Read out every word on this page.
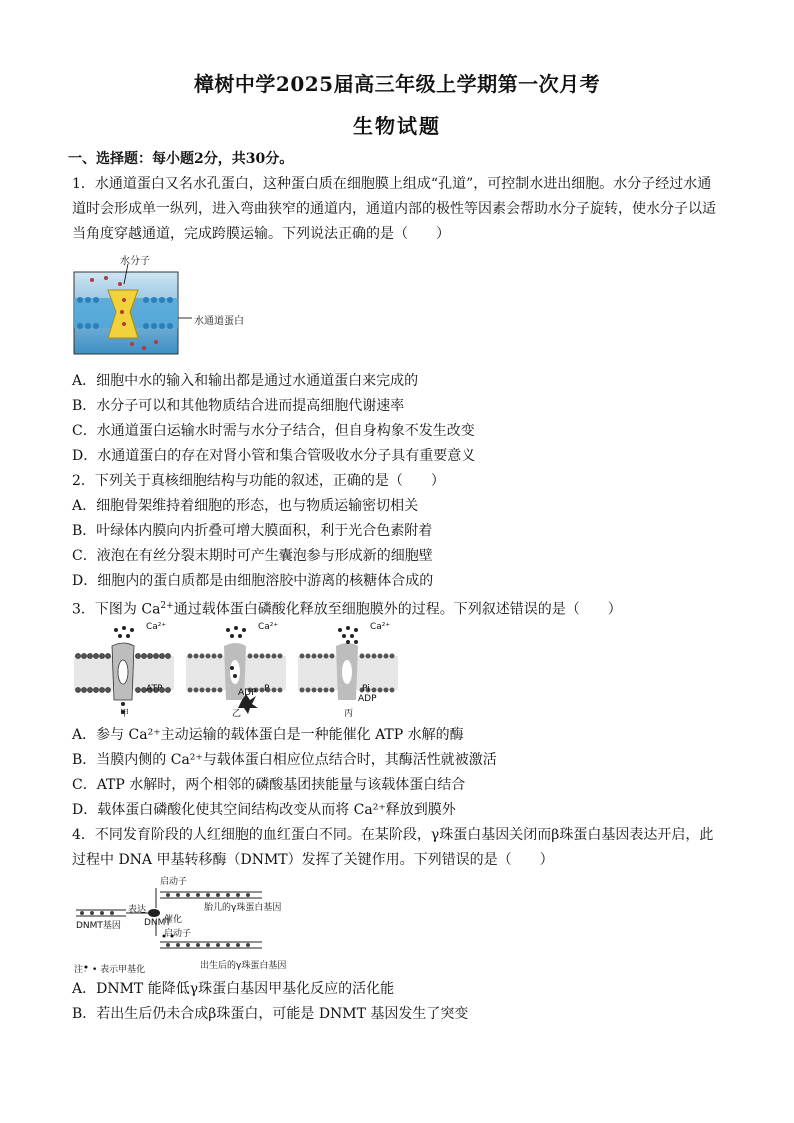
樟树中学2025届高三年级上学期第一次月考
生物试题
一、选择题：每小题2分，共30分。
1．水通道蛋白又名水孔蛋白，这种蛋白质在细胞膜上组成“孔道”，可控制水进出细胞。水分子经过水通
道时会形成单一纵列，进入弯曲狭窄的通道内，通道内部的极性等因素会帮助水分子旋转，使水分子以适
当角度穿越通道，完成跨膜运输。下列说法正确的是（　　）
水分子
水通道蛋白
A．细胞中水的输入和输出都是通过水通道蛋白来完成的
B．水分子可以和其他物质结合进而提高细胞代谢速率
C．水通道蛋白运输水时需与水分子结合，但自身构象不发生改变
D．水通道蛋白的存在对肾小管和集合管吸收水分子具有重要意义
2．下列关于真核细胞结构与功能的叙述，正确的是（　　）
A．细胞骨架维持着细胞的形态，也与物质运输密切相关
B．叶绿体内膜向内折叠可增大膜面积，利于光合色素附着
C．液泡在有丝分裂末期时可产生囊泡参与形成新的细胞壁
D．细胞内的蛋白质都是由细胞溶胶中游离的核糖体合成的
3．下图为 $Ca^{2+}$通过载体蛋白磷酸化释放至细胞膜外的过程。下列叙述错误的是（　　）
Ca²⁺	Ca²⁺	Ca²⁺
ATP	ADP P	Pi
ADP
甲	乙	丙
A．参与 Ca²⁺主动运输的载体蛋白是一种能催化 ATP 水解的酶
B．当膜内侧的 Ca²⁺与载体蛋白相应位点结合时，其酶活性就被激活
C．ATP 水解时，两个相邻的磷酸基团挟能量与该载体蛋白结合
D．载体蛋白磷酸化使其空间结构改变从而将 Ca²⁺释放到膜外
4．不同发育阶段的人红细胞的血红蛋白不同。在某阶段，γ珠蛋白基因关闭而β珠蛋白基因表达开启，此
过程中 DNA 甲基转移酶（DNMT）发挥了关键作用。下列错误的是（　　）
启动子
胎儿的γ珠蛋白基因
DNMT基因
表达
DNMT
催化
启动子
出生后的γ珠蛋白基因
注：• 表示甲基化
A．DNMT 能降低γ珠蛋白基因甲基化反应的活化能
B．若出生后仍未合成β珠蛋白，可能是 DNMT 基因发生了突变
